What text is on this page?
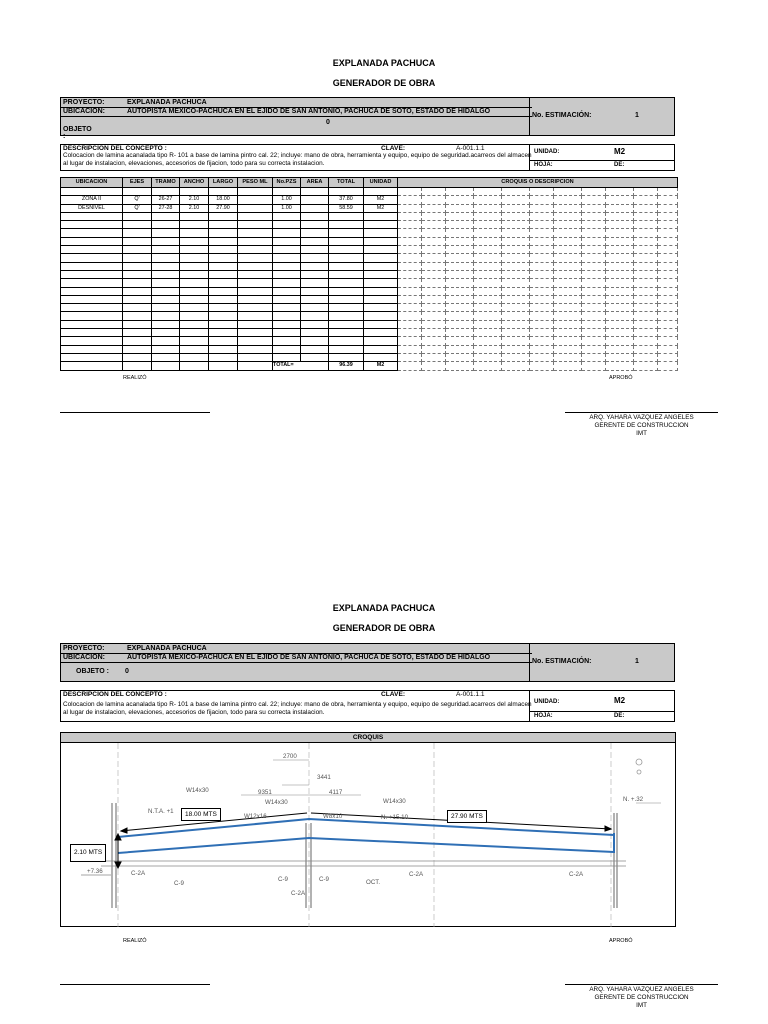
EXPLANADA PACHUCA
GENERADOR DE OBRA
PROYECTO:	EXPLANADA PACHUCA
UBICACION:	AUTOPISTA MEXICO-PACHUCA EN EL EJIDO DE SAN ANTONIO, PACHUCA DE SOTO, ESTADO DE HIDALGO
0
OBJETO :
No. ESTIMACIÓN:	1
DESCRIPCION DEL CONCEPTO :	CLAVE:	A-001.1.1
Colocacion de lamina acanalada tipo R- 101 a base de lamina pintro cal. 22; incluye: mano de obra, herramienta y equipo, equipo de seguridad.acarreos del almacen al lugar de instalacion, elevaciones, accesorios de fijacion, todo para su correcta instalacion.
UNIDAD:	M2
HOJA:	DE:
UBICACION	EJES	TRAMO	ANCHO	LARGO	PESO ML	No.PZS	AREA	TOTAL	UNIDAD	CROQUIS O DESCRIPCION										

ZONA II	Q'	26-27	2.10	18.00		1.00		37.80	M2											
DESNIVEL	Q'	27-28	2.10	27.90		1.00		58.59	M2											

						TOTAL=		96.39	M2											
REALIZÓ	APROBÓ
ARQ. YAHARA VAZQUEZ ANGELES
GERENTE DE CONSTRUCCION
IMT
EXPLANADA PACHUCA
GENERADOR DE OBRA
PROYECTO:	EXPLANADA PACHUCA
UBICACION:	AUTOPISTA MEXICO-PACHUCA EN EL EJIDO DE SAN ANTONIO, PACHUCA DE SOTO, ESTADO DE HIDALGO
OBJETO : 0
No. ESTIMACIÓN:	1
DESCRIPCION DEL CONCEPTO :	CLAVE:	A-001.1.1
Colocacion de lamina acanalada tipo R- 101 a base de lamina pintro cal. 22; incluye: mano de obra, herramienta y equipo, equipo de seguridad.acarreos del almacen al lugar de instalacion, elevaciones, accesorios de fijacion, todo para su correcta instalacion.
UNIDAD:	M2
HOJA:	DE:
CROQUIS
2700
3441
9351	4117
W14x30
W14x30	W14x30
W12x16	W8x10
N.T.A. +1
N. +15.10
N. +.32
+7.36	C-2A
C-2A
C-2A	C-2A
C-9
C-9	C-9	OCT.
18.00 MTS	27.90 MTS
2.10 MTS
REALIZÓ	APROBÓ
ARQ. YAHARA VAZQUEZ ANGELES
GERENTE DE CONSTRUCCION
IMT
